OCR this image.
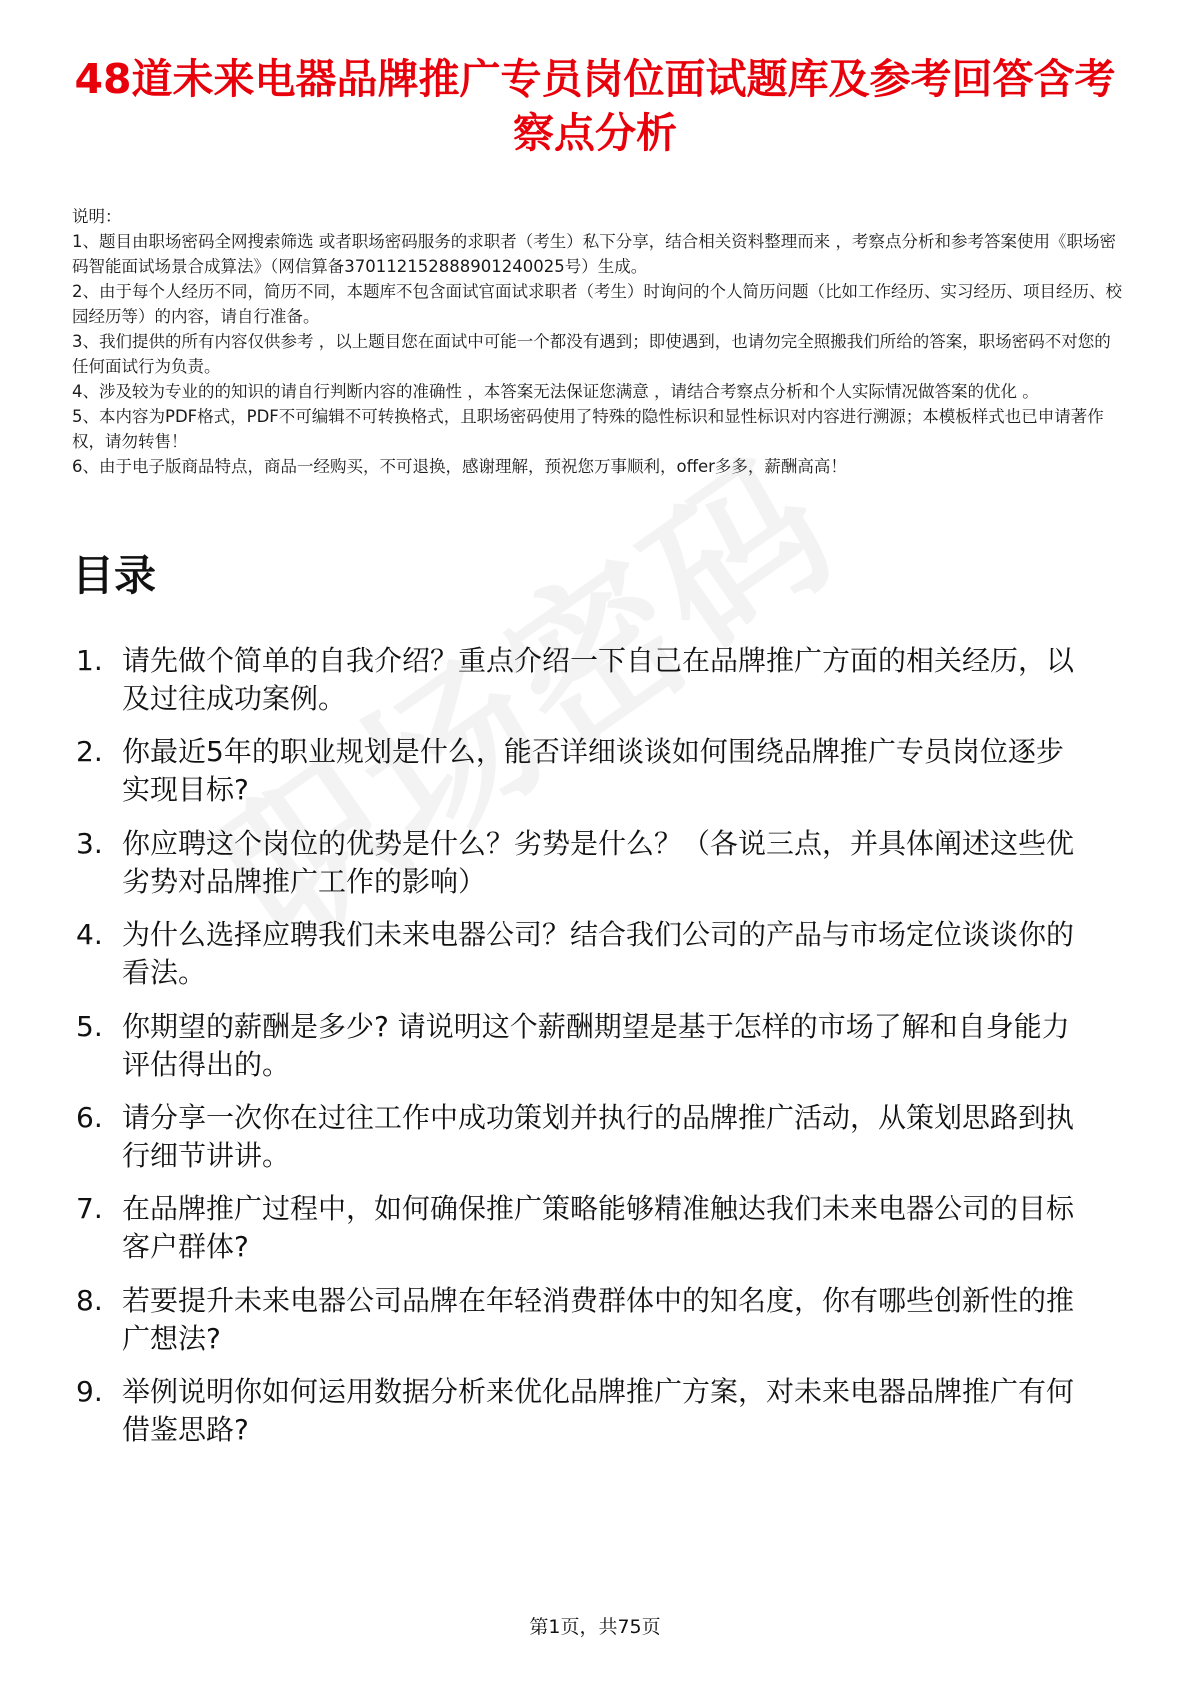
48道未来电器品牌推广专员岗位面试题库及参考回答含考察点分析
说明：
1、题目由职场密码全网搜索筛选 或者职场密码服务的求职者（考生）私下分享，结合相关资料整理而来 ，考察点分析和参考答案使用《职场密码智能面试场景合成算法》（网信算备370112152888901240025号）生成。
2、由于每个人经历不同，简历不同，本题库不包含面试官面试求职者（考生）时询问的个人简历问题（比如工作经历、实习经历、项目经历、校园经历等）的内容，请自行准备。
3、我们提供的所有内容仅供参考 ，以上题目您在面试中可能一个都没有遇到；即使遇到，也请勿完全照搬我们所给的答案，职场密码不对您的任何面试行为负责。
4、涉及较为专业的的知识的请自行判断内容的准确性 ，本答案无法保证您满意 ，请结合考察点分析和个人实际情况做答案的优化 。
5、本内容为PDF格式，PDF不可编辑不可转换格式，且职场密码使用了特殊的隐性标识和显性标识对内容进行溯源；本模板样式也已申请著作权，请勿转售！
6、由于电子版商品特点，商品一经购买，不可退换，感谢理解，预祝您万事顺利，offer多多，薪酬高高！
目录
1. 请先做个简单的自我介绍？重点介绍一下自己在品牌推广方面的相关经历，以及过往成功案例。
2. 你最近5年的职业规划是什么，能否详细谈谈如何围绕品牌推广专员岗位逐步实现目标?
3. 你应聘这个岗位的优势是什么？劣势是什么？（各说三点，并具体阐述这些优劣势对品牌推广工作的影响）
4. 为什么选择应聘我们未来电器公司？结合我们公司的产品与市场定位谈谈你的看法。
5. 你期望的薪酬是多少? 请说明这个薪酬期望是基于怎样的市场了解和自身能力评估得出的。
6. 请分享一次你在过往工作中成功策划并执行的品牌推广活动，从策划思路到执行细节讲讲。
7. 在品牌推广过程中，如何确保推广策略能够精准触达我们未来电器公司的目标客户群体?
8. 若要提升未来电器公司品牌在年轻消费群体中的知名度，你有哪些创新性的推广想法?
9. 举例说明你如何运用数据分析来优化品牌推广方案，对未来电器品牌推广有何借鉴思路?
第1页，共75页
